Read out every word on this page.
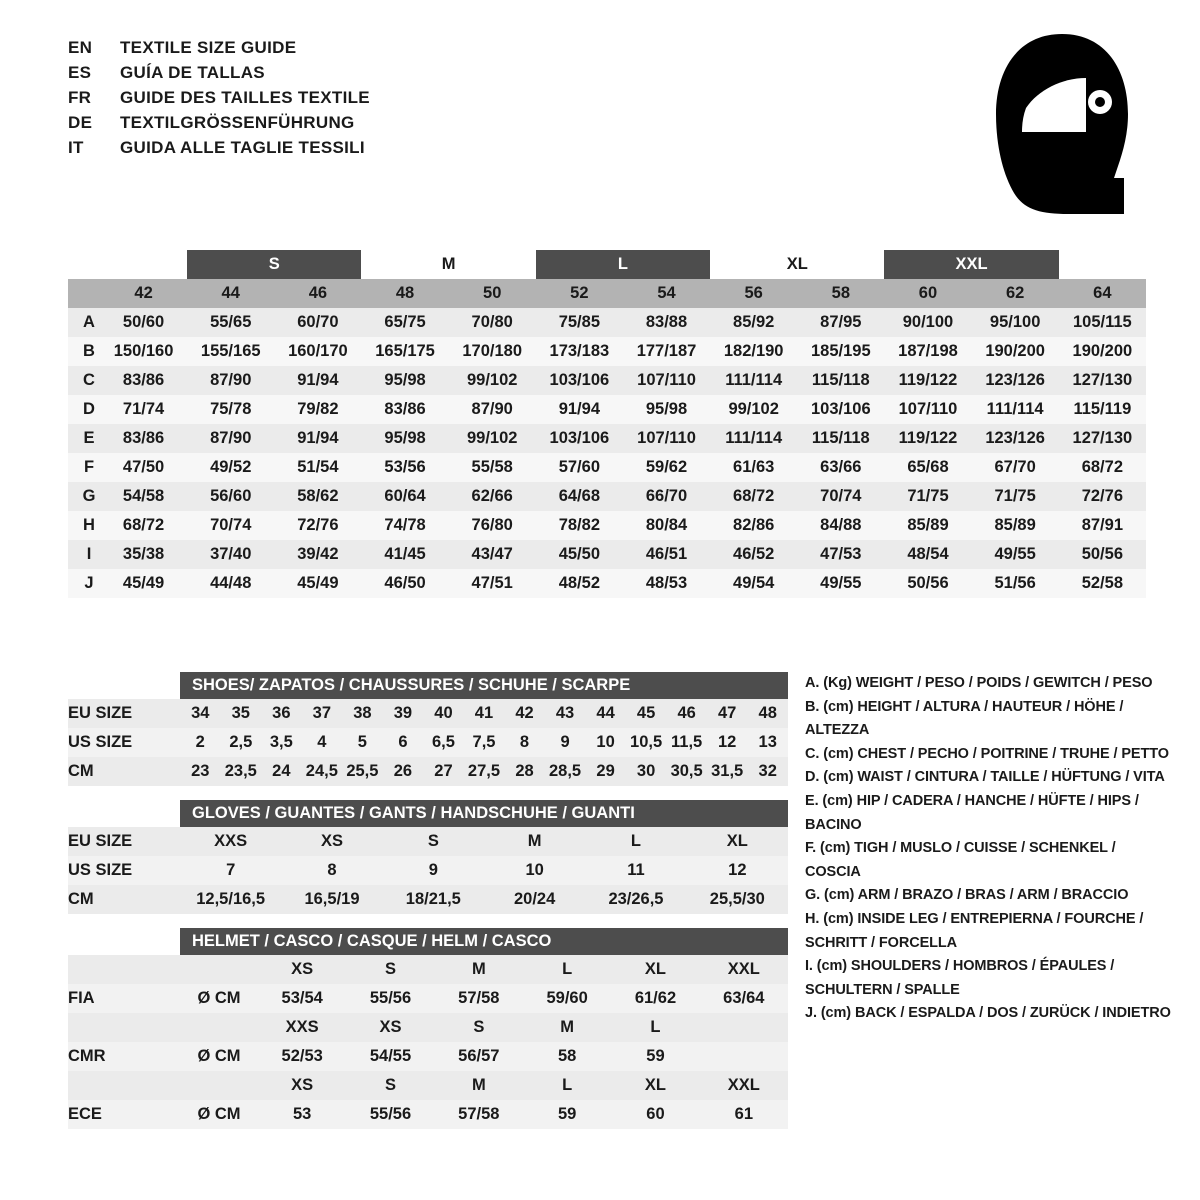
EN	TEXTILE SIZE GUIDE
ES	GUÍA DE TALLAS
FR	GUIDE DES TAILLES TEXTILE
DE	TEXTILGRÖSSENFÜHRUNG
IT	GUIDA ALLE TAGLIE TESSILI
		S		M		L		XL		XXL		
	42	44	46	48	50	52	54	56	58	60	62	64
A	50/60	55/65	60/70	65/75	70/80	75/85	83/88	85/92	87/95	90/100	95/100	105/115
B	150/160	155/165	160/170	165/175	170/180	173/183	177/187	182/190	185/195	187/198	190/200	190/200
C	83/86	87/90	91/94	95/98	99/102	103/106	107/110	111/114	115/118	119/122	123/126	127/130
D	71/74	75/78	79/82	83/86	87/90	91/94	95/98	99/102	103/106	107/110	111/114	115/119
E	83/86	87/90	91/94	95/98	99/102	103/106	107/110	111/114	115/118	119/122	123/126	127/130
F	47/50	49/52	51/54	53/56	55/58	57/60	59/62	61/63	63/66	65/68	67/70	68/72
G	54/58	56/60	58/62	60/64	62/66	64/68	66/70	68/72	70/74	71/75	71/75	72/76
H	68/72	70/74	72/76	74/78	76/80	78/82	80/84	82/86	84/88	85/89	85/89	87/91
I	35/38	37/40	39/42	41/45	43/47	45/50	46/51	46/52	47/53	48/54	49/55	50/56
J	45/49	44/48	45/49	46/50	47/51	48/52	48/53	49/54	49/55	50/56	51/56	52/58
SHOES/ ZAPATOS / CHAUSSURES / SCHUHE / SCARPE
EU SIZE	34	35	36	37	38	39	40	41	42	43	44	45	46	47	48
US SIZE	2	2,5	3,5	4	5	6	6,5	7,5	8	9	10	10,5	11,5	12	13
CM	23	23,5	24	24,5	25,5	26	27	27,5	28	28,5	29	30	30,5	31,5	32
GLOVES / GUANTES / GANTS / HANDSCHUHE / GUANTI
EU SIZE	XXS	XS	S	M	L	XL
US SIZE	7	8	9	10	11	12
CM	12,5/16,5	16,5/19	18/21,5	20/24	23/26,5	25,5/30
HELMET / CASCO / CASQUE / HELM / CASCO
		XS	S	M	L	XL	XXL
FIA	Ø CM	53/54	55/56	57/58	59/60	61/62	63/64
		XXS	XS	S	M	L	
CMR	Ø CM	52/53	54/55	56/57	58	59	
		XS	S	M	L	XL	XXL
ECE	Ø CM	53	55/56	57/58	59	60	61
A. (Kg) WEIGHT / PESO / POIDS / GEWITCH / PESO
B. (cm) HEIGHT / ALTURA / HAUTEUR / HÖHE / ALTEZZA
C. (cm) CHEST / PECHO / POITRINE / TRUHE / PETTO
D. (cm) WAIST / CINTURA / TAILLE / HÜFTUNG / VITA
E. (cm) HIP / CADERA / HANCHE / HÜFTE / HIPS / BACINO
F. (cm) TIGH / MUSLO / CUISSE / SCHENKEL / COSCIA
G. (cm) ARM / BRAZO / BRAS / ARM / BRACCIO
H. (cm) INSIDE LEG / ENTREPIERNA / FOURCHE /
SCHRITT / FORCELLA
I. (cm) SHOULDERS / HOMBROS / ÉPAULES /
SCHULTERN / SPALLE
J. (cm) BACK / ESPALDA / DOS / ZURÜCK / INDIETRO
